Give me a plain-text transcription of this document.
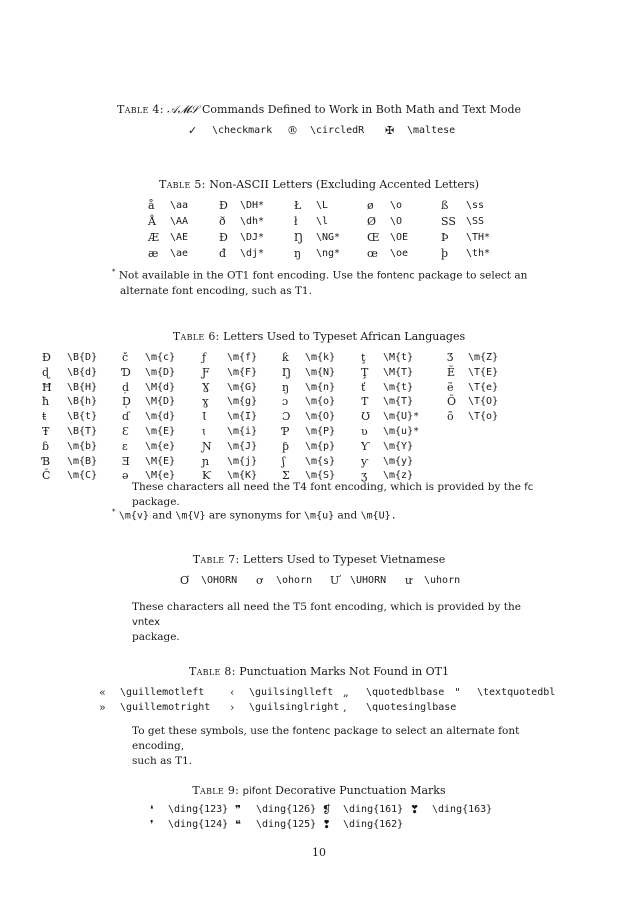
Table 4: 𝒜𝓜𝒮 Commands Defined to Work in Both Math and Text Mode
✓ \checkmark ® \circledR ✠ \maltese
Table 5: Non-ASCII Letters (Excluding Accented Letters)
å \aa
Å \AA
Æ \AE
æ \ae
Ð \DH*
ð \dh*
Đ \DJ*
đ \dj*
Ł \L
ł \l
Ŋ \NG*
ŋ \ng*
ø \o
Ø \O
Œ \OE
œ \oe
ß \ss
SS \SS
Þ \TH*
þ \th*
* Not available in the OT1 font encoding. Use the fontenc package to select an
alternate font encoding, such as T1.
Table 6: Letters Used to Typeset African Languages
Ɖ \B{D}
ɖ \B{d}
Ħ \B{H}
ħ \B{h}
ŧ \B{t}
Ŧ \B{T}
ɓ \m{b}
Ɓ \m{B}
Č \m{C}
č \m{c}
Ɗ \m{D}
ḍ \M{d}
Ḍ \M{D}
ɗ \m{d}
Ɛ \m{E}
ɛ \m{e}
Ǝ \M{E}
ə \M{e}
ƒ \m{f}
Ƒ \m{F}
Ɣ \m{G}
ɣ \m{g}
Ɩ \m{I}
ɩ \m{i}
Ɲ \m{J}
ɲ \m{j}
Ƙ \m{K}
ƙ \m{k}
Ŋ \m{N}
ŋ \m{n}
ɔ \m{o}
Ɔ \m{O}
Ƥ \m{P}
ƥ \m{p}
ʃ \m{s}
Ʃ \m{S}
ţ \M{t}
Ţ \M{T}
ť \m{t}
Ƭ \m{T}
Ʊ \m{U}*
ʋ \m{u}*
Ƴ \m{Y}
ƴ \m{y}
ʒ \m{z}
Ʒ \m{Z}
Ẽ \T{E}
ẽ \T{e}
Õ \T{O}
õ \T{o}
These characters all need the T4 font encoding, which is provided by the fc package.
* \m{v} and \m{V} are synonyms for \m{u} and \m{U}.
Table 7: Letters Used to Typeset Vietnamese
Ơ \OHORN ơ \ohorn Ư \UHORN ư \uhorn
These characters all need the T5 font encoding, which is provided by the vntex
package.
Table 8: Punctuation Marks Not Found in OT1
« \guillemotleft ‹ \guilsinglleft „ \quotedblbase " \textquotedbl
» \guillemotright › \guilsinglright ‚ \quotesinglbase
To get these symbols, use the fontenc package to select an alternate font encoding,
such as T1.
Table 9: pifont Decorative Punctuation Marks
❛ \ding{123} ❞ \ding{126} ❡ \ding{161} ❣ \ding{163}
❜ \ding{124} ❝ \ding{125} ❢ \ding{162}
10
